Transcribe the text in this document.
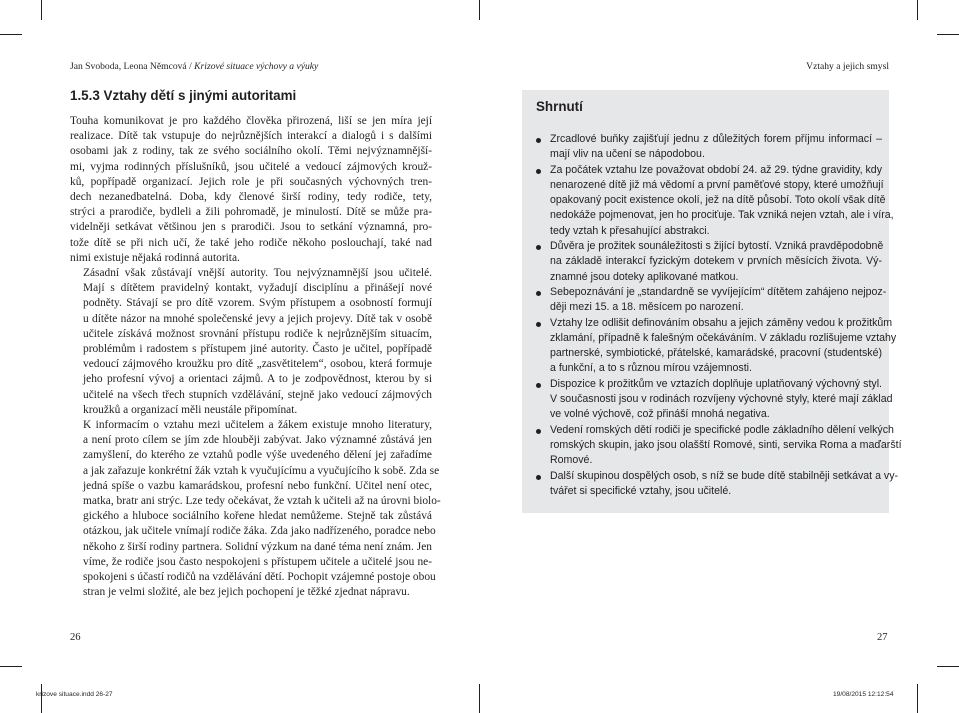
Jan Svoboda, Leona Němcová / Krizové situace výchovy a výuky	Vztahy a jejich smysl
1.5.3 Vztahy dětí s jinými autoritami

Touha komunikovat je pro každého člověka přirozená, liší se jen míra její
realizace. Dítě tak vstupuje do nejrůznějších interakcí a dialogů i s dalšími
osobami jak z rodiny, tak ze svého sociálního okolí. Těmi nejvýznamnější-
mi, vyjma rodinných příslušníků, jsou učitelé a vedoucí zájmových krouž-
ků, popřípadě organizací. Jejich role je při současných výchovných tren-
dech nezanedbatelná. Doba, kdy členové širší rodiny, tedy rodiče, tety,
strýci a prarodiče, bydleli a žili pohromadě, je minulostí. Dítě se může pra-
videlněji setkávat většinou jen s prarodiči. Jsou to setkání významná, pro-
tože dítě se při nich učí, že také jeho rodiče někoho poslouchají, také nad
nimi existuje nějaká rodinná autorita.

Zásadní však zůstávají vnější autority. Tou nejvýznamnější jsou učitelé.
Mají s dítětem pravidelný kontakt, vyžadují disciplínu a přinášejí nové
podněty. Stávají se pro dítě vzorem. Svým přístupem a osobností formují
u dítěte názor na mnohé společenské jevy a jejich projevy. Dítě tak v osobě
učitele získává možnost srovnání přístupu rodiče k nejrůznějším situacím,
problémům i radostem s přístupem jiné autority. Často je učitel, popřípadě
vedoucí zájmového kroužku pro dítě „zasvětitelem“, osobou, která formuje
jeho profesní vývoj a orientaci zájmů. A to je zodpovědnost, kterou by si
učitelé na všech třech stupních vzdělávání, stejně jako vedoucí zájmových
kroužků a organizací měli neustále připomínat.

K informacím o vztahu mezi učitelem a žákem existuje mnoho literatury,
a není proto cílem se jím zde hlouběji zabývat. Jako významné zůstává jen
zamyšlení, do kterého ze vztahů podle výše uvedeného dělení jej zařadíme
a jak zařazuje konkrétní žák vztah k vyučujícímu a vyučujícího k sobě. Zda se
jedná spíše o vazbu kamarádskou, profesní nebo funkční. Učitel není otec,
matka, bratr ani strýc. Lze tedy očekávat, že vztah k učiteli až na úrovni biolo-
gického a hluboce sociálního kořene hledat nemůžeme. Stejně tak zůstává
otázkou, jak učitele vnímají rodiče žáka. Zda jako nadřízeného, poradce nebo
někoho z širší rodiny partnera. Solidní výzkum na dané téma není znám. Jen
víme, že rodiče jsou často nespokojeni s přístupem učitele a učitelé jsou ne-
spokojeni s účastí rodičů na vzdělávání dětí. Pochopit vzájemné postoje obou
stran je velmi složité, ale bez jejich pochopení je těžké zjednat nápravu.

Shrnutí
Zrcadlové buňky zajišťují jednu z důležitých forem příjmu informací –
mají vliv na učení se nápodobou.
Za počátek vztahu lze považovat období 24. až 29. týdne gravidity, kdy
nenarozené dítě již má vědomí a první paměťové stopy, které umožňují
opakovaný pocit existence okolí, jež na dítě působí. Toto okolí však dítě
nedokáže pojmenovat, jen ho prociťuje. Tak vzniká nejen vztah, ale i víra,
tedy vztah k přesahující abstrakci.
Důvěra je prožitek sounáležitosti s žijící bytostí. Vzniká pravděpodobně
na základě interakcí fyzickým dotekem v prvních měsících života. Vý-
znamné jsou doteky aplikované matkou.
Sebepoznávání je „standardně se vyvíjejícím“ dítětem zahájeno nejpoz-
ději mezi 15. a 18. měsícem po narození.
Vztahy lze odlišit definováním obsahu a jejich záměny vedou k prožitkům
zklamání, případně k falešným očekáváním. V základu rozlišujeme vztahy
partnerské, symbiotické, přátelské, kamarádské, pracovní (studentské)
a funkční, a to s různou mírou vzájemnosti.
Dispozice k prožitkům ve vztazích doplňuje uplatňovaný výchovný styl.
V současnosti jsou v rodinách rozvíjeny výchovné styly, které mají základ
ve volné výchově, což přináší mnohá negativa.
Vedení romských dětí rodiči je specifické podle základního dělení velkých
romských skupin, jako jsou olašští Romové, sinti, servika Roma a maďarští
Romové.
Další skupinou dospělých osob, s níž se bude dítě stabilněji setkávat a vy-
tvářet si specifické vztahy, jsou učitelé.
26	27
krizove situace.indd 26-27	19/08/2015 12:12:54
